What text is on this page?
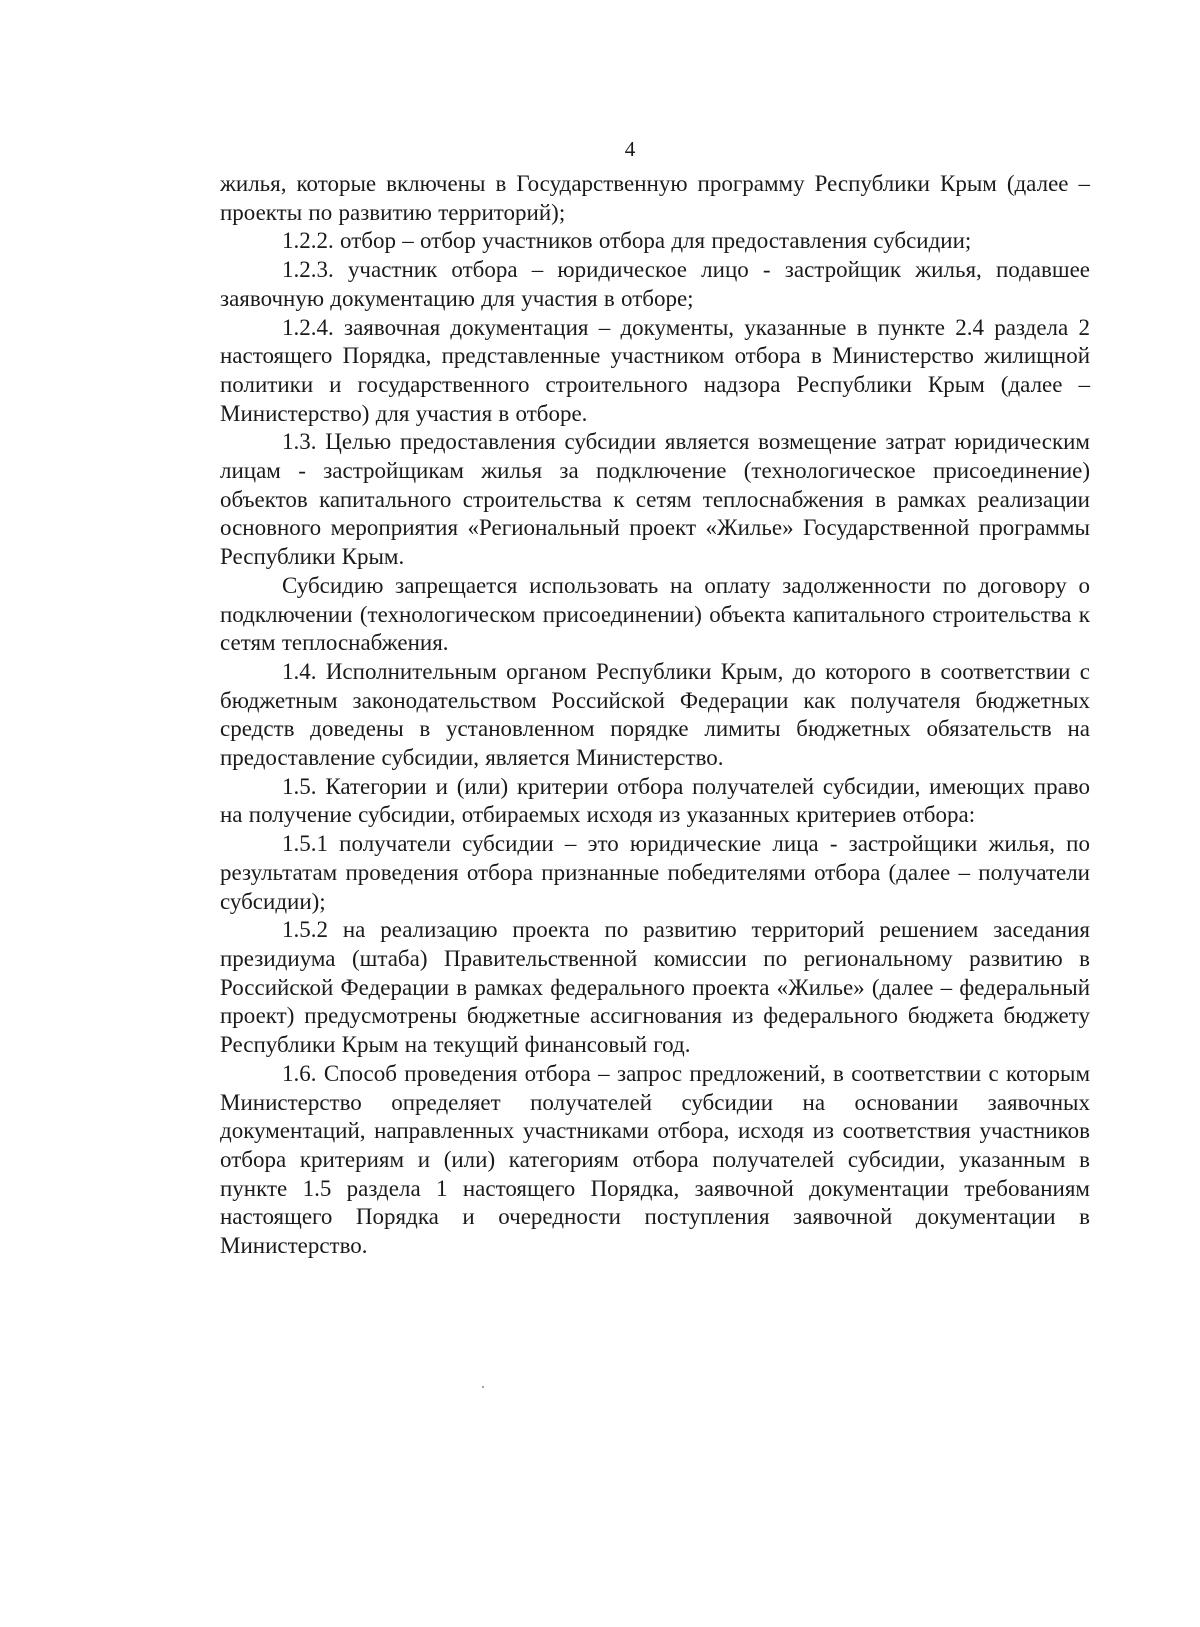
4

жилья, которые включены в Государственную программу Республики Крым (далее – проекты по развитию территорий);

1.2.2. отбор – отбор участников отбора для предоставления субсидии;

1.2.3. участник отбора – юридическое лицо - застройщик жилья, подавшее заявочную документацию для участия в отборе;

1.2.4. заявочная документация – документы, указанные в пункте 2.4 раздела 2 настоящего Порядка, представленные участником отбора в Министерство жилищной политики и государственного строительного надзора Республики Крым (далее – Министерство) для участия в отборе.

1.3. Целью предоставления субсидии является возмещение затрат юридическим лицам - застройщикам жилья за подключение (технологическое присоединение) объектов капитального строительства к сетям теплоснабжения в рамках реализации основного мероприятия «Региональный проект «Жилье» Государственной программы Республики Крым.

Субсидию запрещается использовать на оплату задолженности по договору о подключении (технологическом присоединении) объекта капитального строительства к сетям теплоснабжения.

1.4. Исполнительным органом Республики Крым, до которого в соответствии с бюджетным законодательством Российской Федерации как получателя бюджетных средств доведены в установленном порядке лимиты бюджетных обязательств на предоставление субсидии, является Министерство.

1.5. Категории и (или) критерии отбора получателей субсидии, имеющих право на получение субсидии, отбираемых исходя из указанных критериев отбора:

1.5.1 получатели субсидии – это юридические лица - застройщики жилья, по результатам проведения отбора признанные победителями отбора (далее – получатели субсидии);

1.5.2 на реализацию проекта по развитию территорий решением заседания президиума (штаба) Правительственной комиссии по региональному развитию в Российской Федерации в рамках федерального проекта «Жилье» (далее – федеральный проект) предусмотрены бюджетные ассигнования из федерального бюджета бюджету Республики Крым на текущий финансовый год.

1.6. Способ проведения отбора – запрос предложений, в соответствии с которым Министерство определяет получателей субсидии на основании заявочных документаций, направленных участниками отбора, исходя из соответствия участников отбора критериям и (или) категориям отбора получателей субсидии, указанным в пункте 1.5 раздела 1 настоящего Порядка, заявочной документации требованиям настоящего Порядка и очередности поступления заявочной документации в Министерство.
